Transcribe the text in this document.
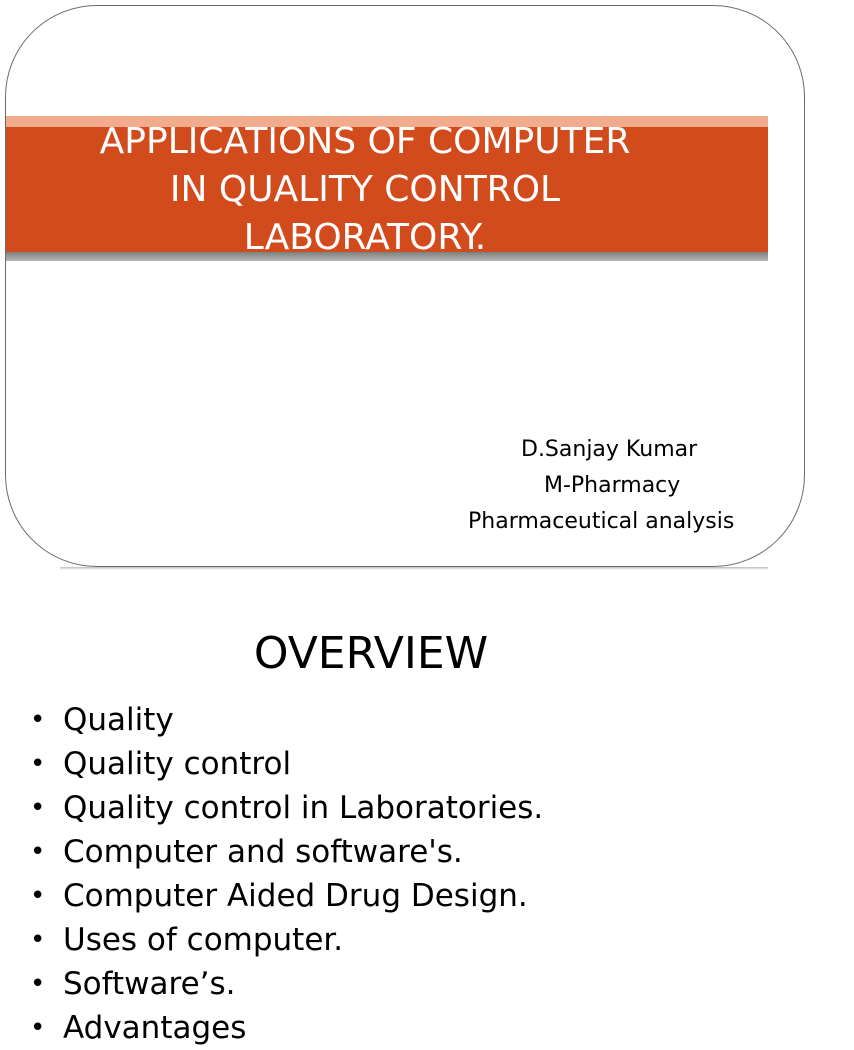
APPLICATIONS OF COMPUTER
IN QUALITY CONTROL
LABORATORY.
D.Sanjay Kumar
M-Pharmacy
Pharmaceutical analysis
OVERVIEW
• Quality
• Quality control
• Quality control in Laboratories.
• Computer and software's.
• Computer Aided Drug Design.
• Uses of computer.
• Software’s.
• Advantages
